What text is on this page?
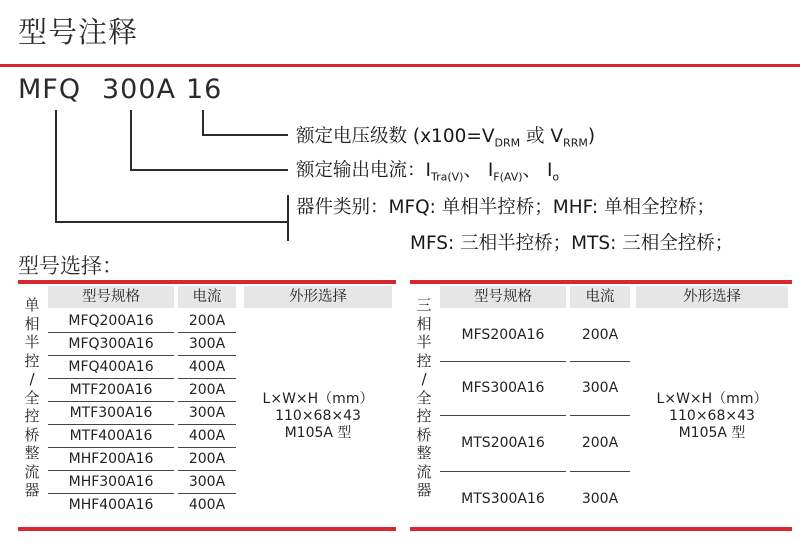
型号注释
MFQ 300A 16
额定电压级数 ($x100=V_{DRM}$ 或 $V_{RRM}$)
额定输出电流：$I_{Tra(V)}$、 $I_{F(AV)}$、 $I_o$
器件类别：MFQ: 单相半控桥；MHF: 单相全控桥；
MFS: 三相半控桥；MTS: 三相全控桥；
型号选择：
单
相
半
控
/
全
控
桥
整
流
器
型号规格	电流	外形选择
MFQ200A16	200A
MFQ300A16	300A
MFQ400A16	400A
MTF200A16	200A
MTF300A16	300A
MTF400A16	400A
MHF200A16	200A
MHF300A16	300A
MHF400A16	400A
L×W×H（mm）
110×68×43
M105A 型
三
相
半
控
/
全
控
桥
整
流
器
型号规格	电流	外形选择
MFS200A16	200A
MFS300A16	300A
MTS200A16	200A
MTS300A16	300A
L×W×H（mm）
110×68×43
M105A 型
